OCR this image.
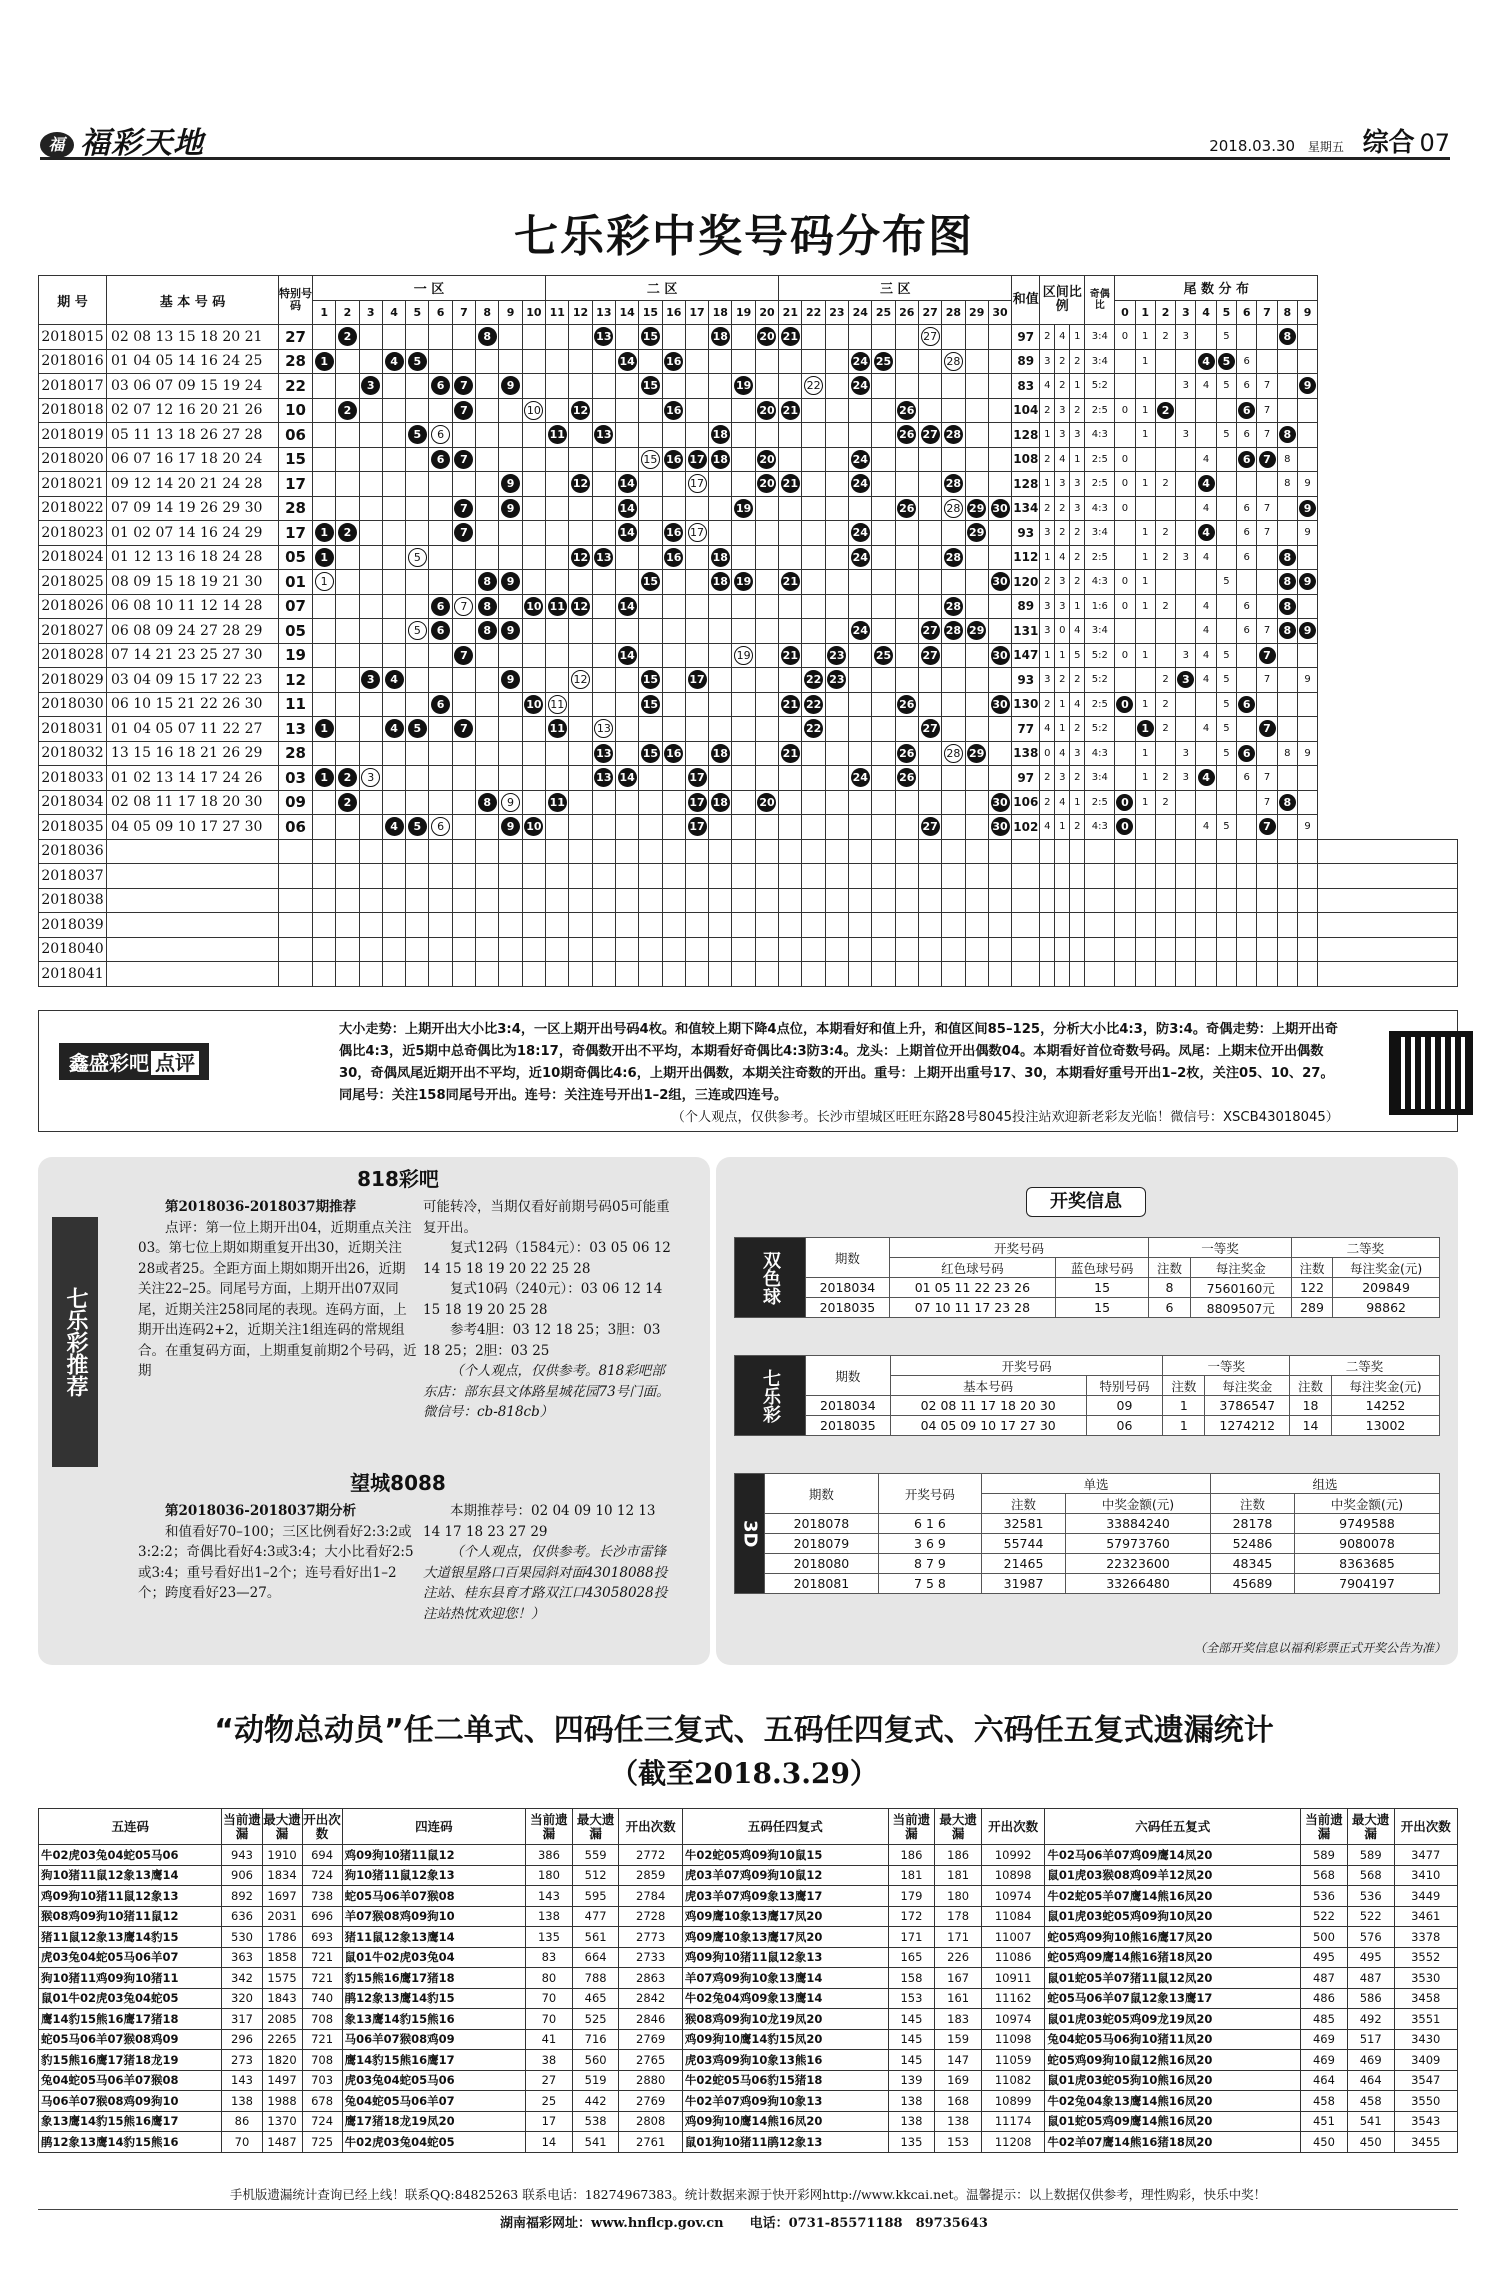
福 福彩天地	2018.03.30 星期五 综合 07
七乐彩中奖号码分布图
期 号	基 本 号 码	特别号码	一 区										二 区										三 区										和值	区间比例			奇偶比	尾 数 分 布										
			1	2	3	4	5	6	7	8	9	10	11	12	13	14	15	16	17	18	19	20	21	22	23	24	25	26	27	28	29	30						0	1	2	3	4	5	6	7	8	9	
2018015	02 08 13 15 18 20 21	27		2						8					13		15			18		20	21						27				97	2	4	1	3:4	0	1	2	3		5			8		
2018016	01 04 05 14 16 24 25	28	1			4	5									14		16								24	25			28			89	3	2	2	3:4		1			4	5	6				
2018017	03 06 07 09 15 19 24	22			3			6	7		9						15				19			22		24							83	4	2	1	5:2				3	4	5	6	7		9	
2018018	02 07 12 16 20 21 26	10		2					7			10		12				16				20	21					26					104	2	3	2	2:5	0	1	2				6	7			
2018019	05 11 13 18 26 27 28	06					5	6					11		13					18								26	27	28			128	1	3	3	4:3		1		3		5	6	7	8		
2018020	06 07 16 17 18 20 24	15						6	7								15	16	17	18		20				24							108	2	4	1	2:5	0				4		6	7	8		
2018021	09 12 14 20 21 24 28	17									9			12		14			17			20	21			24				28			128	1	3	3	2:5	0	1	2		4				8	9	
2018022	07 09 14 19 26 29 30	28							7		9					14					19							26		28	29	30	134	2	2	3	4:3	0				4		6	7		9	
2018023	01 02 07 14 16 24 29	17	1	2					7							14		16	17							24					29		93	3	2	2	3:4		1	2		4		6	7		9	
2018024	01 12 13 16 18 24 28	05	1				5							12	13			16		18						24				28			112	1	4	2	2:5		1	2	3	4		6		8		
2018025	08 09 15 18 19 21 30	01	1							8	9						15			18	19		21									30	120	2	3	2	4:3	0	1				5			8	9	
2018026	06 08 10 11 12 14 28	07						6	7	8		10	11	12		14														28			89	3	3	1	1:6	0	1	2		4		6		8		
2018027	06 08 09 24 27 28 29	05					5	6		8	9															24			27	28	29		131	3	0	4	3:4					4		6	7	8	9	
2018028	07 14 21 23 25 27 30	19							7							14					19		21		23		25		27			30	147	1	1	5	5:2	0	1		3	4	5		7			
2018029	03 04 09 15 17 22 23	12			3	4					9			12			15		17					22	23								93	3	2	2	5:2			2	3	4	5		7		9	
2018030	06 10 15 21 22 26 30	11						6				10	11				15						21	22				26				30	130	2	1	4	2:5	0	1	2			5	6				
2018031	01 04 05 07 11 22 27	13	1			4	5		7				11		13									22					27				77	4	1	2	5:2		1	2		4	5		7			
2018032	13 15 16 18 21 26 29	28													13		15	16		18			21					26		28	29		138	0	4	3	4:3		1		3		5	6		8	9	
2018033	01 02 13 14 17 24 26	03	1	2	3										13	14			17							24		26					97	2	3	2	3:4		1	2	3	4		6	7			
2018034	02 08 11 17 18 20 30	09		2						8	9		11						17	18		20										30	106	2	4	1	2:5	0	1	2					7	8		
2018035	04 05 09 10 17 27 30	06				4	5	6			9	10							17										27			30	102	4	1	2	4:3	0				4	5		7		9	
2018036																																																
2018037																																																
2018038																																																
2018039																																																
2018040																																																
2018041																																																
鑫盛彩吧 点评
大小走势：上期开出大小比3:4，一区上期开出号码4枚。和值较上期下降4点位，本期看好和值上升，和值区间85–125，分析大小比4:3，防3:4。奇偶走势：上期开出奇偶比4:3，近5期中总奇偶比为18:17，奇偶数开出不平均，本期看好奇偶比4:3防3:4。龙头：上期首位开出偶数04。本期看好首位奇数号码。凤尾：上期末位开出偶数30，奇偶凤尾近期开出不平均，近10期奇偶比4:6，上期开出偶数，本期关注奇数的开出。重号：上期开出重号17、30，本期看好重号开出1–2枚，关注05、10、27。同尾号：关注158同尾号开出。连号：关注连号开出1–2组，三连或四连号。
（个人观点，仅供参考。长沙市望城区旺旺东路28号8045投注站欢迎新老彩友光临！微信号：XSCB43018045）
七乐彩推荐
818彩吧

第2018036-2018037期推荐

点评：第一位上期开出04，近期重点关注03。第七位上期如期重复开出30，近期关注28或者25。全距方面上期如期开出26，近期关注22–25。同尾号方面，上期开出07双同尾，近期关注258同尾的表现。连码方面，上期开出连码2+2，近期关注1组连码的常规组合。在重复码方面，上期重复前期2个号码，近期

可能转冷，当期仅看好前期号码05可能重复开出。

复式12码（1584元）：03 05 06 12 14 15 18 19 20 22 25 28

复式10码（240元）：03 06 12 14 15 18 19 20 25 28

参考4胆：03 12 18 25；3胆：03 18 25；2胆：03 25

（个人观点，仅供参考。818彩吧部东店：部东县文体路星城花园73号门面。微信号：cb-818cb）

望城8088

第2018036-2018037期分析

和值看好70–100；三区比例看好2:3:2或3:2:2；奇偶比看好4:3或3:4；大小比看好2:5或3:4；重号看好出1–2个；连号看好出1–2个；跨度看好23—27。

本期推荐号：02 04 09 10 12 13 14 17 18 23 27 29

（个人观点，仅供参考。长沙市雷锋大道银星路口百果园斜对面43018088投注站、桂东县育才路双江口43058028投注站热忱欢迎您！）

开奖信息
双色球	期数	开奖号码		一等奖		二等奖	
		红色球号码	蓝色球号码	注数	每注奖金	注数	每注奖金(元)
	2018034	01 05 11 22 23 26	15	8	7560160元	122	209849
	2018035	07 10 11 17 23 28	15	6	8809507元	289	98862
七乐彩	期数	开奖号码		一等奖		二等奖	
		基本号码	特别号码	注数	每注奖金	注数	每注奖金(元)
	2018034	02 08 11 17 18 20 30	09	1	3786547	18	14252
	2018035	04 05 09 10 17 27 30	06	1	1274212	14	13002
3D	期数	开奖号码	单选		组选	
			注数	中奖金额(元)	注数	中奖金额(元)
	2018078	6 1 6	32581	33884240	28178	9749588
	2018079	3 6 9	55744	57973760	52486	9080078
	2018080	8 7 9	21465	22323600	48345	8363685
	2018081	7 5 8	31987	33266480	45689	7904197
（全部开奖信息以福利彩票正式开奖公告为准）
“动物总动员”任二单式、四码任三复式、五码任四复式、六码任五复式遗漏统计
（截至2018.3.29）
五连码	当前遗漏	最大遗漏	开出次数	四连码	当前遗漏	最大遗漏	开出次数	五码任四复式	当前遗漏	最大遗漏	开出次数	六码任五复式	当前遗漏	最大遗漏	开出次数
牛02虎03兔04蛇05马06	943	1910	694	鸡09狗10猪11鼠12	386	559	2772	牛02蛇05鸡09狗10鼠15	186	186	10992	牛02马06羊07鸡09鹰14凤20	589	589	3477
狗10猪11鼠12象13鹰14	906	1834	724	狗10猪11鼠12象13	180	512	2859	虎03羊07鸡09狗10鼠12	181	181	10898	鼠01虎03猴08鸡09羊12凤20	568	568	3410
鸡09狗10猪11鼠12象13	892	1697	738	蛇05马06羊07猴08	143	595	2784	虎03羊07鸡09象13鹰17	179	180	10974	牛02蛇05羊07鹰14熊16凤20	536	536	3449
猴08鸡09狗10猪11鼠12	636	2031	696	羊07猴08鸡09狗10	138	477	2728	鸡09鹰10象13鹰17凤20	172	178	11084	鼠01虎03蛇05鸡09狗10凤20	522	522	3461
猪11鼠12象13鹰14豹15	530	1786	693	猪11鼠12象13鹰14	135	561	2773	鸡09鹰10象13鹰17凤20	171	171	11007	蛇05鸡09狗10熊16鹰17凤20	500	576	3378
虎03兔04蛇05马06羊07	363	1858	721	鼠01牛02虎03兔04	83	664	2733	鸡09狗10猪11鼠12象13	165	226	11086	蛇05鸡09鹰14熊16猪18凤20	495	495	3552
狗10猪11鸡09狗10猪11	342	1575	721	豹15熊16鹰17猪18	80	788	2863	羊07鸡09狗10象13鹰14	158	167	10911	鼠01蛇05羊07猪11鼠12凤20	487	487	3530
鼠01牛02虎03兔04蛇05	320	1843	740	鹃12象13鹰14豹15	70	465	2842	牛02兔04鸡09象13鹰14	153	161	11162	蛇05马06羊07鼠12象13鹰17	486	586	3458
鹰14豹15熊16鹰17猪18	317	2085	708	象13鹰14豹15熊16	70	525	2846	猴08鸡09狗10龙19凤20	145	183	10974	鼠01虎03蛇05鸡09龙19凤20	485	492	3551
蛇05马06羊07猴08鸡09	296	2265	721	马06羊07猴08鸡09	41	716	2769	鸡09狗10鹰14豹15凤20	145	159	11098	兔04蛇05马06狗10猪11凤20	469	517	3430
豹15熊16鹰17猪18龙19	273	1820	708	鹰14豹15熊16鹰17	38	560	2765	虎03鸡09狗10象13熊16	145	147	11059	蛇05鸡09狗10鼠12熊16凤20	469	469	3409
兔04蛇05马06羊07猴08	143	1497	703	虎03兔04蛇05马06	27	519	2880	牛02蛇05马06豹15猪18	139	169	11082	鼠01虎03蛇05狗10熊16凤20	464	464	3547
马06羊07猴08鸡09狗10	138	1988	678	兔04蛇05马06羊07	25	442	2769	牛02羊07鸡09狗10象13	138	168	10899	牛02兔04象13鹰14熊16凤20	458	458	3550
象13鹰14豹15熊16鹰17	86	1370	724	鹰17猪18龙19凤20	17	538	2808	鸡09狗10鹰14熊16凤20	138	138	11174	鼠01蛇05鸡09鹰14熊16凤20	451	541	3543
鹃12象13鹰14豹15熊16	70	1487	725	牛02虎03兔04蛇05	14	541	2761	鼠01狗10猪11鹃12象13	135	153	11208	牛02羊07鹰14熊16猪18凤20	450	450	3455
手机版遗漏统计查询已经上线！联系QQ:84825263 联系电话：18274967383。统计数据来源于快开彩网http://www.kkcai.net。温馨提示：以上数据仅供参考，理性购彩，快乐中奖！
湖南福彩网址：www.hnflcp.gov.cn　　电话：0731-85571188　89735643
